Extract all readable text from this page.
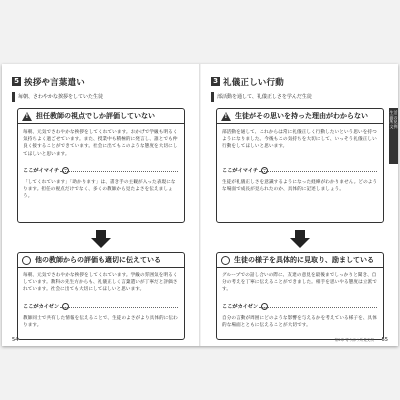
5 挨拶や言葉遣い
毎朝、さわやかな挨拶をしていた生徒
!
担任教師の視点でしか評価していない
毎朝、元気でさわやかな挨拶をしてくれています。おかげで学級も明るく気持ちよく過ごせています。また、授業中も積極的に発言し、誰とでも仲良く接することができています。社会に出てもこのような態度を大切にしてほしいと思います。
ここがイマイチ	︶
「してくれています」「助かります」は、書き手の主観が入った表現になります。担任の視点だけでなく、多くの教師から見たよさを伝えましょう。
他の教師からの評価も適切に伝えている
毎朝、元気でさわやかな挨拶をしてくれています。学級の雰囲気を明るくしています。教科の先生方からも、礼儀正しく言葉遣いが丁寧だと評価されています。社会に出ても大切にしてほしいと思います。
ここがカイゼン	◡
教師同士で共有した情報を伝えることで、生徒のよさがより具体的に伝わります。
54
3 礼儀正しい行動
部活動を通して、礼儀正しさを学んだ生徒
!
生徒がその思いを持った理由がわからない
部活動を通して、これからは常に礼儀正しく行動したいという思いを持つようになりました。今後もこの気持ちを大切にして、いっそう礼儀正しい行動をしてほしいと思います。
ここがイマイチ	︶
生徒が礼儀正しさを意識するようになった経緯がわかりません。どのような場面で成長が見られたのか、具体的に記述しましょう。
生徒の様子を具体的に見取り、励ましている
グループでの話し合いの際に、友達の意見を最後までしっかりと聞き、自分の考えを丁寧に伝えることができました。相手を思いやる態度は立派です。
ここがカイゼン	◡
自分の言動が周囲にどのような影響を与えるかを考えている様子を、具体的な場面とともに伝えることが大切です。
生活面の所見文例
第2章 寄り添う所見文例 55
